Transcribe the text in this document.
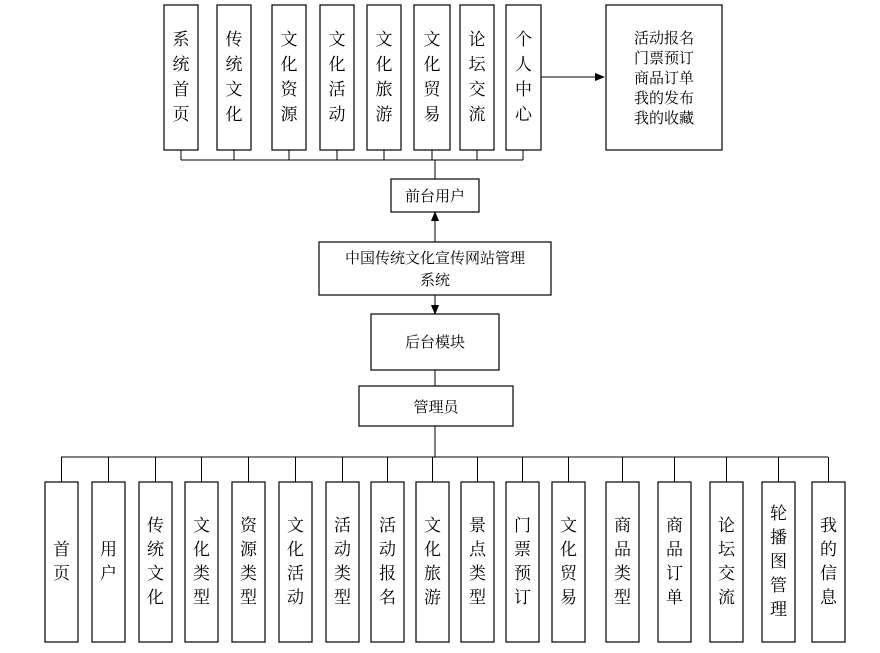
系统首页
传统文化
文化资源
文化活动
文化旅游
文化贸易
论坛交流
个人中心
首页
用户
传统文化
文化类型
资源类型
文化活动
活动类型
活动报名
文化旅游
景点类型
门票预订
文化贸易
商品类型
商品订单
论坛交流
轮播图管理
我的信息
前台用户
中国传统文化宣传网站管理
系统
后台模块
管理员
活动报名
门票预订
商品订单
我的发布
我的收藏
